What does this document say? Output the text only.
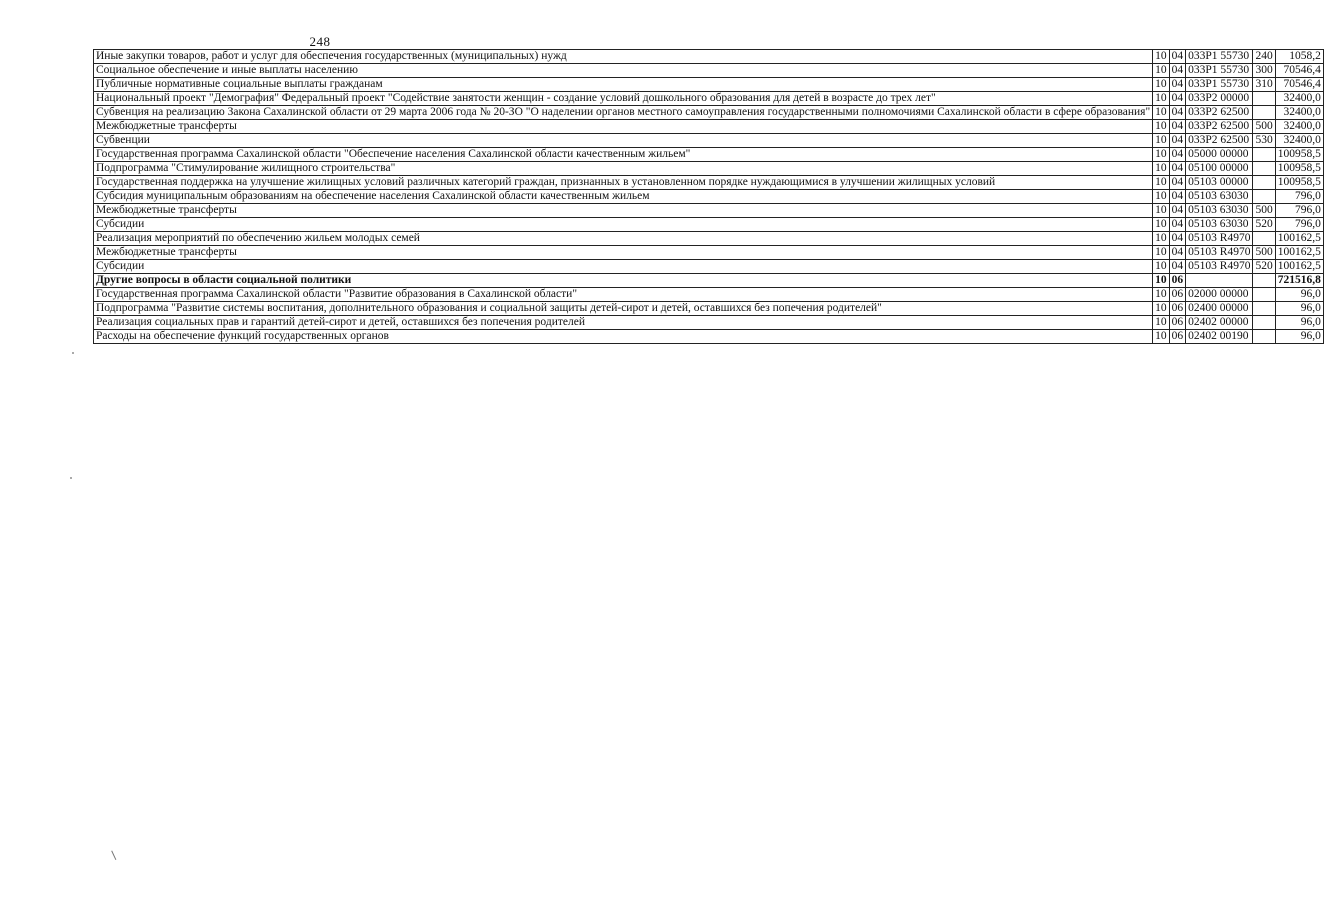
248
Иные закупки товаров, работ и услуг для обеспечения государственных (муниципальных) нужд	10	04	033P1 55730	240	1058,2
Социальное обеспечение и иные выплаты населению	10	04	033P1 55730	300	70546,4
Публичные нормативные социальные выплаты гражданам	10	04	033P1 55730	310	70546,4
Национальный проект "Демография" Федеральный проект "Содействие занятости женщин - создание условий дошкольного образования для детей в возрасте до трех лет"	10	04	033P2 00000		32400,0
Субвенция на реализацию Закона Сахалинской области от 29 марта 2006 года № 20-ЗО "О наделении органов местного самоуправления государственными полномочиями Сахалинской области в сфере образования"	10	04	033P2 62500		32400,0
Межбюджетные трансферты	10	04	033P2 62500	500	32400,0
Субвенции	10	04	033P2 62500	530	32400,0
Государственная программа Сахалинской области "Обеспечение населения Сахалинской области качественным жильем"	10	04	05000 00000		100958,5
Подпрограмма "Стимулирование жилищного строительства"	10	04	05100 00000		100958,5
Государственная поддержка на улучшение жилищных условий различных категорий граждан, признанных в установленном порядке нуждающимися в улучшении жилищных условий	10	04	05103 00000		100958,5
Субсидия муниципальным образованиям на обеспечение населения Сахалинской области качественным жильем	10	04	05103 63030		796,0
Межбюджетные трансферты	10	04	05103 63030	500	796,0
Субсидии	10	04	05103 63030	520	796,0
Реализация мероприятий по обеспечению жильем молодых семей	10	04	05103 R4970		100162,5
Межбюджетные трансферты	10	04	05103 R4970	500	100162,5
Субсидии	10	04	05103 R4970	520	100162,5
Другие вопросы в области социальной политики	10	06			721516,8
Государственная программа Сахалинской области "Развитие образования в Сахалинской области"	10	06	02000 00000		96,0
Подпрограмма "Развитие системы воспитания, дополнительного образования и социальной защиты детей-сирот и детей, оставшихся без попечения родителей"	10	06	02400 00000		96,0
Реализация социальных прав и гарантий детей-сирот и детей, оставшихся без попечения родителей	10	06	02402 00000		96,0
Расходы на обеспечение функций государственных органов	10	06	02402 00190		96,0
